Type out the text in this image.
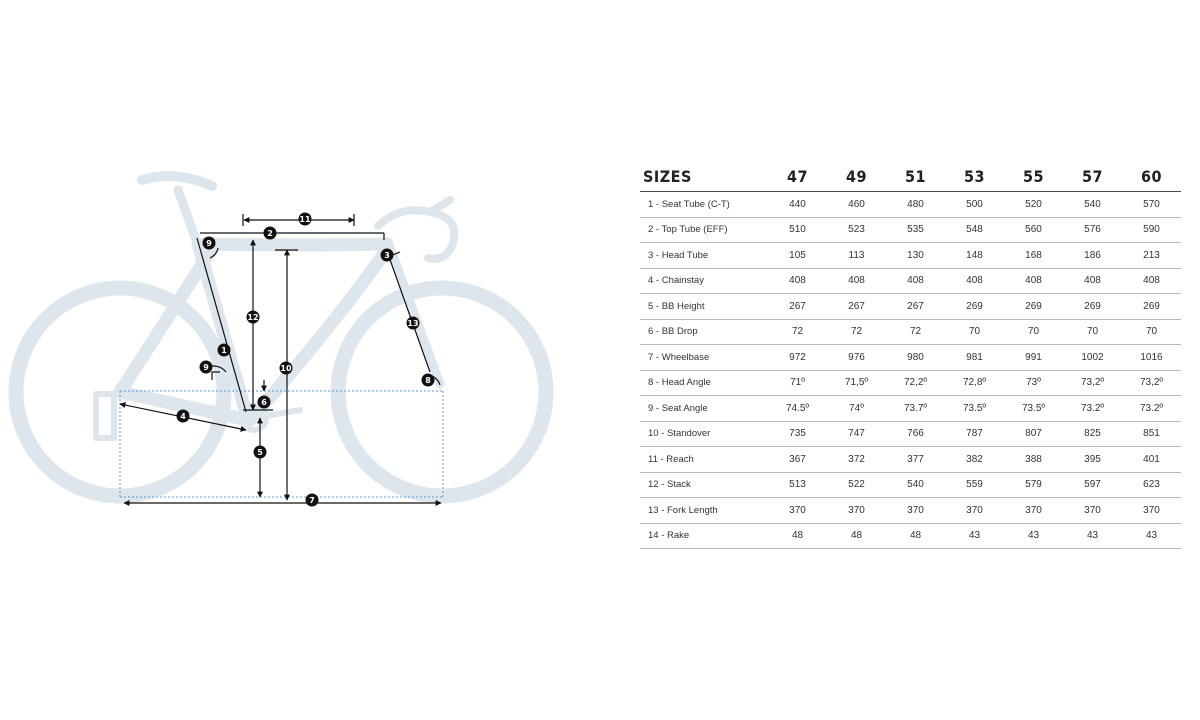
1
2
3
4
5
6
7
8
9
9	10
11
12
13
SIZES	47	49	51	53	55	57	60
1 - Seat Tube (C-T)	440	460	480	500	520	540	570
2 - Top Tube (EFF)	510	523	535	548	560	576	590
3 - Head Tube	105	113	130	148	168	186	213
4 - Chainstay	408	408	408	408	408	408	408
5 - BB Height	267	267	267	269	269	269	269
6 - BB Drop	72	72	72	70	70	70	70
7 - Wheelbase	972	976	980	981	991	1002	1016
8 - Head Angle	71º	71,5º	72,2º	72,8º	73º	73,2º	73,2º
9 - Seat Angle	74.5º	74º	73.7º	73.5º	73.5º	73.2º	73.2º
10 - Standover	735	747	766	787	807	825	851
11 - Reach	367	372	377	382	388	395	401
12 - Stack	513	522	540	559	579	597	623
13 - Fork Length	370	370	370	370	370	370	370
14 - Rake	48	48	48	43	43	43	43
